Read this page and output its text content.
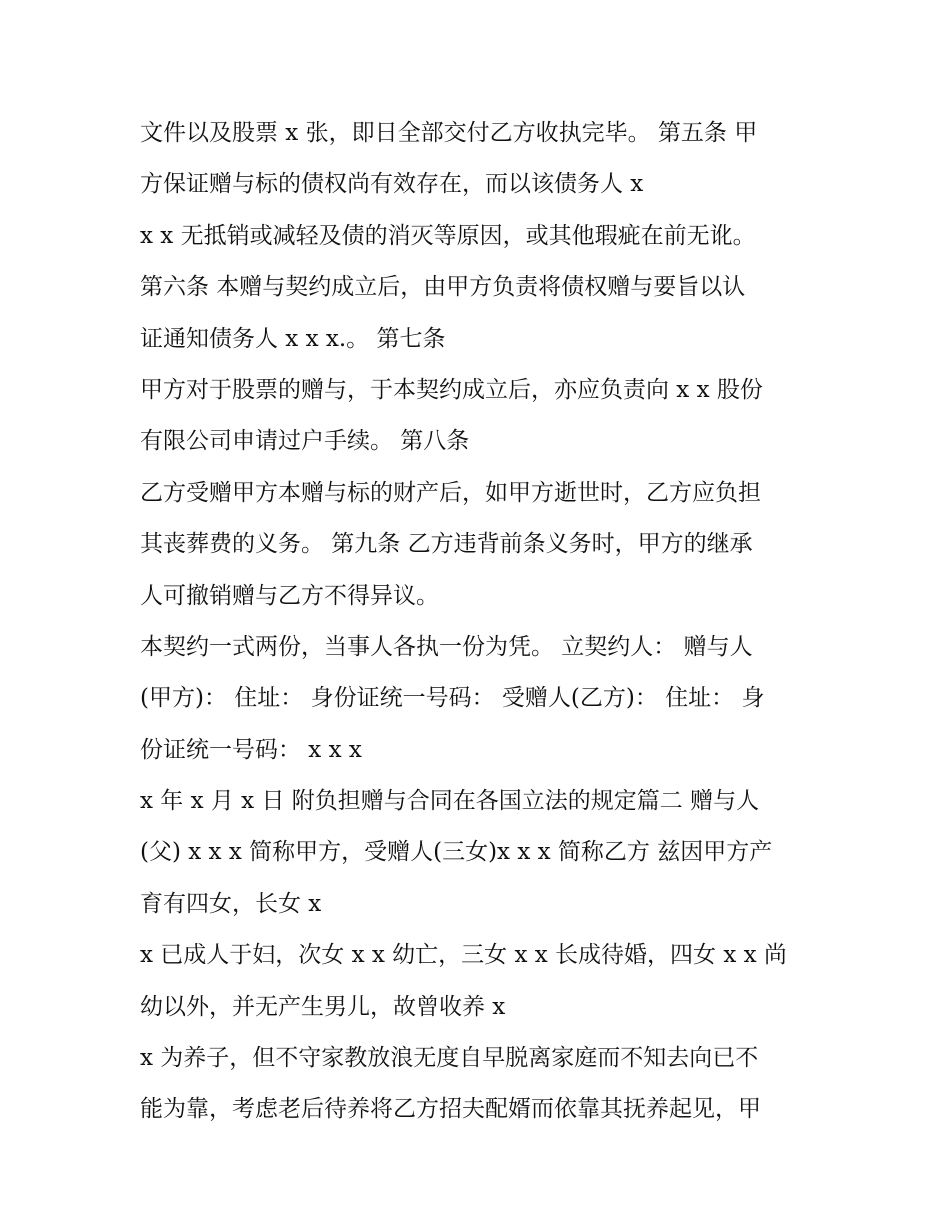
文件以及股票 x 张，即日全部交付乙方收执完毕。 第五条 甲
方保证赠与标的债权尚有效存在，而以该债务人 x
x x 无抵销或减轻及债的消灭等原因，或其他瑕疵在前无讹。
第六条 本赠与契约成立后，由甲方负责将债权赠与要旨以认
证通知债务人 x x x.。 第七条
甲方对于股票的赠与，于本契约成立后，亦应负责向 x x 股份
有限公司申请过户手续。 第八条
乙方受赠甲方本赠与标的财产后，如甲方逝世时，乙方应负担
其丧葬费的义务。 第九条 乙方违背前条义务时，甲方的继承
人可撤销赠与乙方不得异议。
本契约一式两份，当事人各执一份为凭。 立契约人： 赠与人
(甲方)： 住址： 身份证统一号码： 受赠人(乙方)： 住址： 身
份证统一号码： x x x
x 年 x 月 x 日 附负担赠与合同在各国立法的规定篇二 赠与人
(父) x x x 简称甲方，受赠人(三女)x x x 简称乙方 兹因甲方产
育有四女，长女 x
x 已成人于妇，次女 x x 幼亡，三女 x x 长成待婚，四女 x x 尚
幼以外，并无产生男儿，故曾收养 x
x 为养子，但不守家教放浪无度自早脱离家庭而不知去向已不
能为靠，考虑老后待养将乙方招夫配婿而依靠其抚养起见，甲
